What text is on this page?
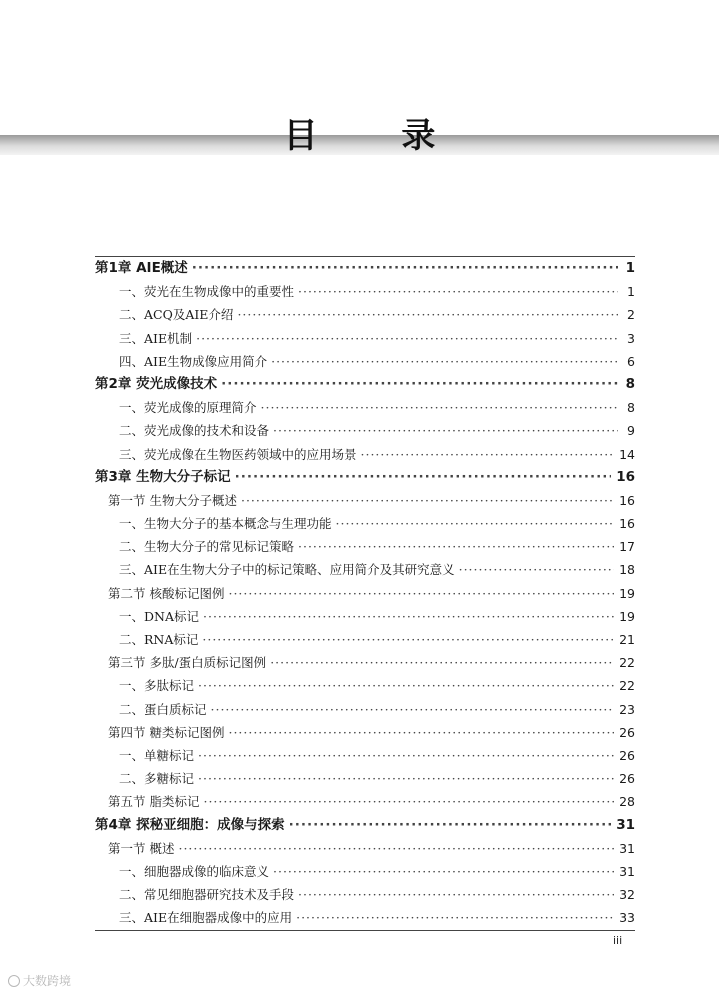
目 录
第1章 AIE概述 ·····	1
一、荧光在生物成像中的重要性 ·····	1
二、ACQ及AIE介绍 ·····	2
三、AIE机制 ·····	3
四、AIE生物成像应用简介 ·····	6
第2章 荧光成像技术 ·····	8
一、荧光成像的原理简介 ·····	8
二、荧光成像的技术和设备 ·····	9
三、荧光成像在生物医药领域中的应用场景 ·····	14
第3章 生物大分子标记 ·····	16
第一节 生物大分子概述 ·····	16
一、生物大分子的基本概念与生理功能 ·····	16
二、生物大分子的常见标记策略 ·····	17
三、AIE在生物大分子中的标记策略、应用简介及其研究意义 ·····	18
第二节 核酸标记图例 ·····	19
一、DNA标记 ·····	19
二、RNA标记 ·····	21
第三节 多肽/蛋白质标记图例 ·····	22
一、多肽标记 ·····	22
二、蛋白质标记 ·····	23
第四节 糖类标记图例 ·····	26
一、单糖标记 ·····	26
二、多糖标记 ·····	26
第五节 脂类标记 ·····	28
第4章 探秘亚细胞：成像与探索 ·····	31
第一节 概述 ·····	31
一、细胞器成像的临床意义 ·····	31
二、常见细胞器研究技术及手段 ·····	32
三、AIE在细胞器成像中的应用 ·····	33
iii
大数跨境
